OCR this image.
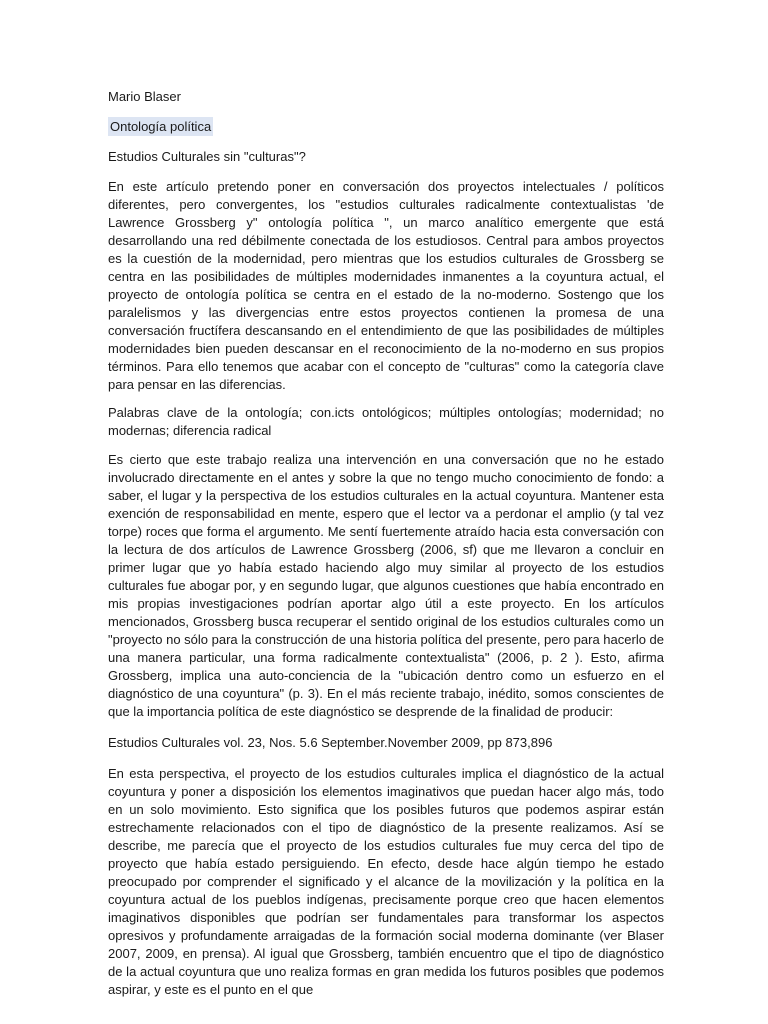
Mario Blaser

Ontología política

Estudios Culturales sin "culturas"?

En este artículo pretendo poner en conversación dos proyectos intelectuales / políticos diferentes, pero convergentes, los "estudios culturales radicalmente contextualistas 'de Lawrence Grossberg y" ontología política ", un marco analítico emergente que está desarrollando una red débilmente conectada de los estudiosos. Central para ambos proyectos es la cuestión de la modernidad, pero mientras que los estudios culturales de Grossberg se centra en las posibilidades de múltiples modernidades inmanentes a la coyuntura actual, el proyecto de ontología política se centra en el estado de la no-moderno. Sostengo que los paralelismos y las divergencias entre estos proyectos contienen la promesa de una conversación fructífera descansando en el entendimiento de que las posibilidades de múltiples modernidades bien pueden descansar en el reconocimiento de la no-moderno en sus propios términos. Para ello tenemos que acabar con el concepto de "culturas" como la categoría clave para pensar en las diferencias.

Palabras clave de la ontología; con.icts ontológicos; múltiples ontologías; modernidad; no modernas; diferencia radical

Es cierto que este trabajo realiza una intervención en una conversación que no he estado involucrado directamente en el antes y sobre la que no tengo mucho conocimiento de fondo: a saber, el lugar y la perspectiva de los estudios culturales en la actual coyuntura. Mantener esta exención de responsabilidad en mente, espero que el lector va a perdonar el amplio (y tal vez torpe) roces que forma el argumento. Me sentí fuertemente atraído hacia esta conversación con la lectura de dos artículos de Lawrence Grossberg (2006, sf) que me llevaron a concluir en primer lugar que yo había estado haciendo algo muy similar al proyecto de los estudios culturales fue abogar por, y en segundo lugar, que algunos cuestiones que había encontrado en mis propias investigaciones podrían aportar algo útil a este proyecto. En los artículos mencionados, Grossberg busca recuperar el sentido original de los estudios culturales como un "proyecto no sólo para la construcción de una historia política del presente, pero para hacerlo de una manera particular, una forma radicalmente contextualista" (2006, p. 2 ). Esto, afirma Grossberg, implica una auto-conciencia de la "ubicación dentro como un esfuerzo en el diagnóstico de una coyuntura" (p. 3). En el más reciente trabajo, inédito, somos conscientes de que la importancia política de este diagnóstico se desprende de la finalidad de producir:

Estudios Culturales vol. 23, Nos. 5.6 September.November 2009, pp 873,896

En esta perspectiva, el proyecto de los estudios culturales implica el diagnóstico de la actual coyuntura y poner a disposición los elementos imaginativos que puedan hacer algo más, todo en un solo movimiento. Esto significa que los posibles futuros que podemos aspirar están estrechamente relacionados con el tipo de diagnóstico de la presente realizamos. Así se describe, me parecía que el proyecto de los estudios culturales fue muy cerca del tipo de proyecto que había estado persiguiendo. En efecto, desde hace algún tiempo he estado preocupado por comprender el significado y el alcance de la movilización y la política en la coyuntura actual de los pueblos indígenas, precisamente porque creo que hacen elementos imaginativos disponibles que podrían ser fundamentales para transformar los aspectos opresivos y profundamente arraigadas de la formación social moderna dominante (ver Blaser 2007, 2009, en prensa). Al igual que Grossberg, también encuentro que el tipo de diagnóstico de la actual coyuntura que uno realiza formas en gran medida los futuros posibles que podemos aspirar, y este es el punto en el que
